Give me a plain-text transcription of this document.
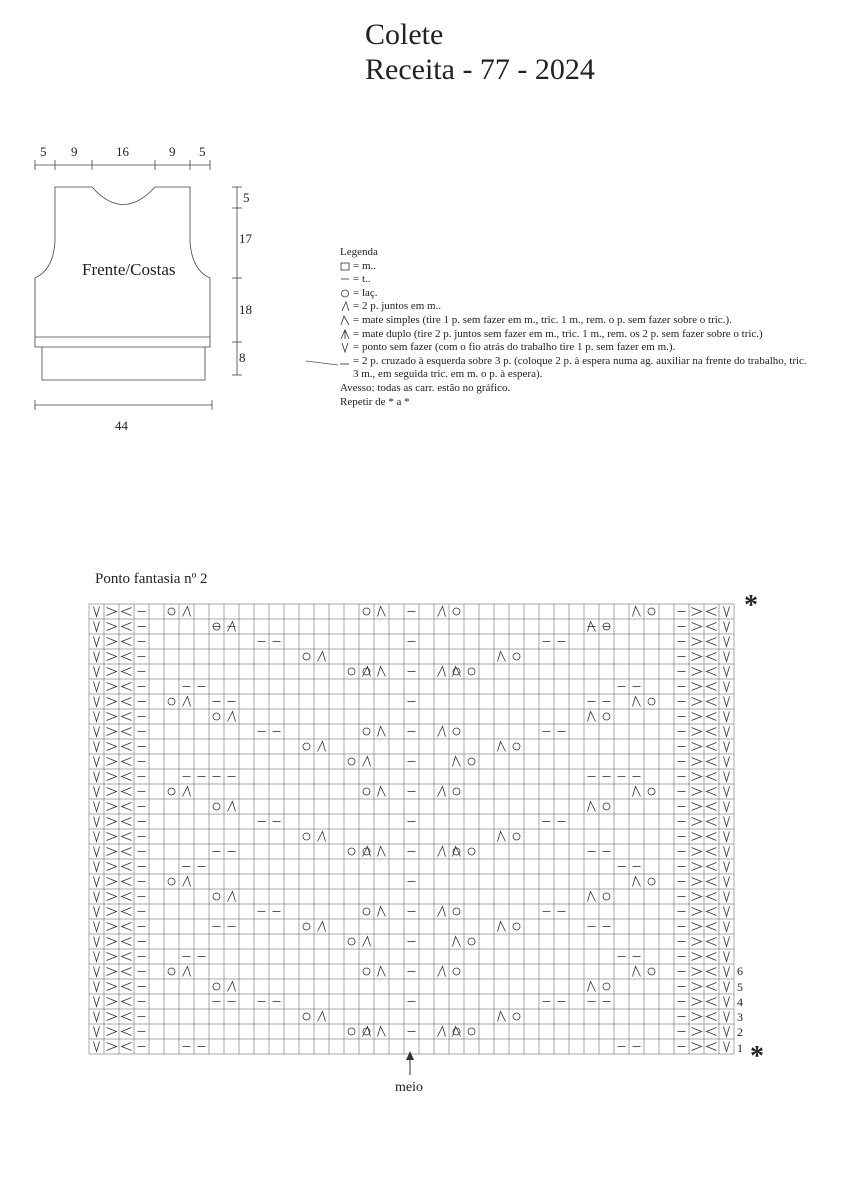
Colete
Receita - 77 - 2024
5 9	16	9 5
5
17
18
8
44
Frente/Costas
Legenda
= m..
= t..
= laç.
= 2 p. juntos em m..
= mate simples (tire 1 p. sem fazer em m., tric. 1 m., rem. o p. sem fazer sobre o tric.).
= mate duplo (tire 2 p. juntos sem fazer em m., tric. 1 m., rem. os 2 p. sem fazer sobre o tric.)
= ponto sem fazer (com o fio atrás do trabalho tire 1 p. sem fazer em m.).
= 2 p. cruzado à esquerda sobre 3 p. (coloque 2 p. à espera numa ag. auxiliar na frente do trabalho, tric. 3 m., em seguida tric. em m. o p. à espera).
Avesso: todas as carr. estão no gráfico.
Repetir de * a *
Ponto fantasia nº 2
1
2
3
4
5
6
*
*
meio
